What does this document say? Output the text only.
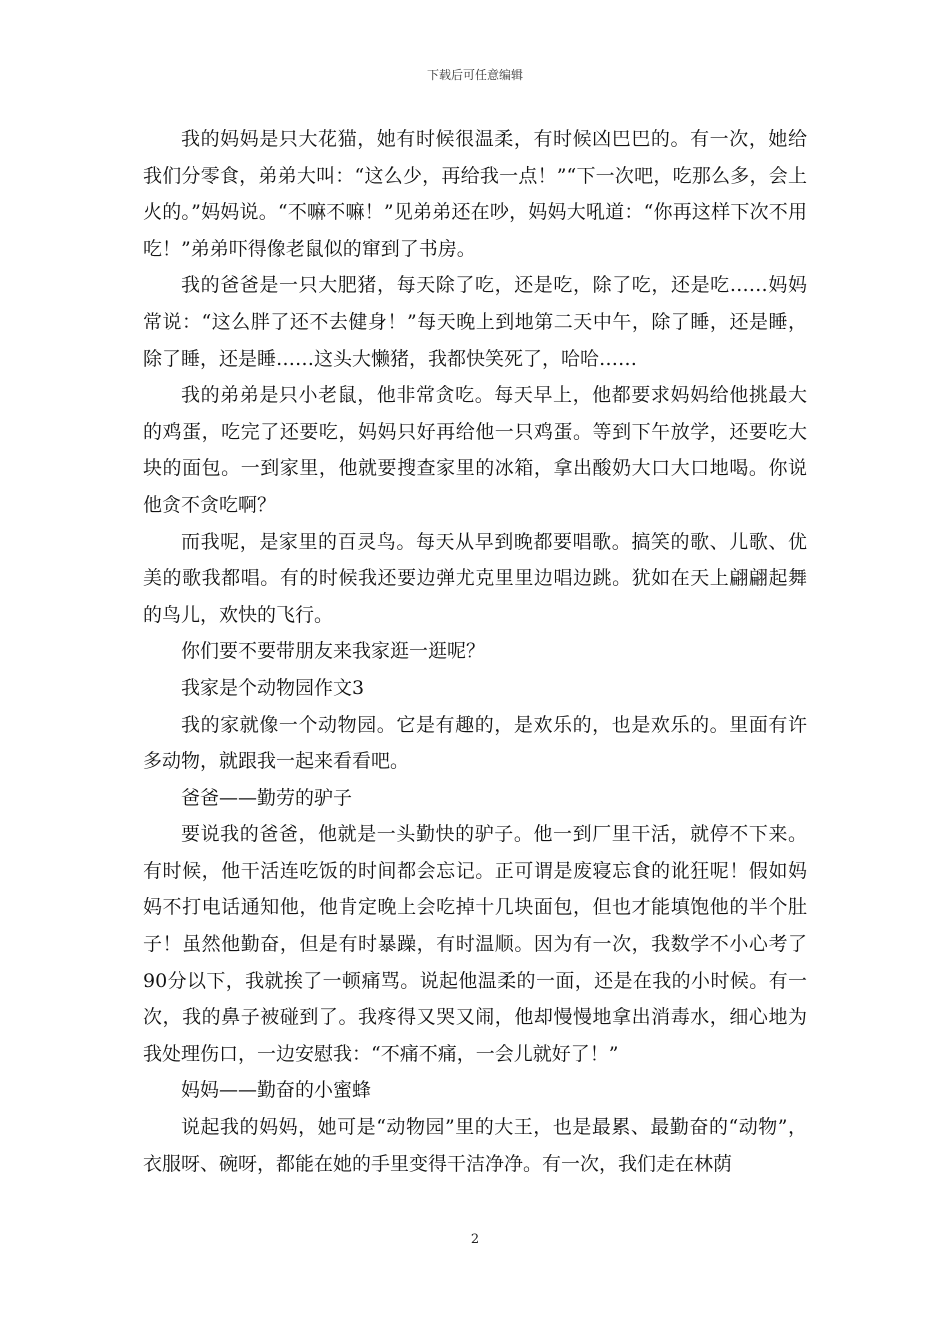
下载后可任意编辑

我的妈妈是只大花猫，她有时候很温柔，有时候凶巴巴的。有一次，她给我们分零食，弟弟大叫：“这么少，再给我一点！”“下一次吧，吃那么多，会上火的。”妈妈说。“不嘛不嘛！”见弟弟还在吵，妈妈大吼道：“你再这样下次不用吃！”弟弟吓得像老鼠似的窜到了书房。

我的爸爸是一只大肥猪，每天除了吃，还是吃，除了吃，还是吃……妈妈常说：“这么胖了还不去健身！”每天晚上到地第二天中午，除了睡，还是睡，除了睡，还是睡……这头大懒猪，我都快笑死了，哈哈……

我的弟弟是只小老鼠，他非常贪吃。每天早上，他都要求妈妈给他挑最大的鸡蛋，吃完了还要吃，妈妈只好再给他一只鸡蛋。等到下午放学，还要吃大块的面包。一到家里，他就要搜查家里的冰箱，拿出酸奶大口大口地喝。你说他贪不贪吃啊？

而我呢，是家里的百灵鸟。每天从早到晚都要唱歌。搞笑的歌、儿歌、优美的歌我都唱。有的时候我还要边弹尤克里里边唱边跳。犹如在天上翩翩起舞的鸟儿，欢快的飞行。

你们要不要带朋友来我家逛一逛呢？

我家是个动物园作文3

我的家就像一个动物园。它是有趣的，是欢乐的，也是欢乐的。里面有许多动物，就跟我一起来看看吧。

爸爸——勤劳的驴子

要说我的爸爸，他就是一头勤快的驴子。他一到厂里干活，就停不下来。有时候，他干活连吃饭的时间都会忘记。正可谓是废寝忘食的讹狂呢！假如妈妈不打电话通知他，他肯定晚上会吃掉十几块面包，但也才能填饱他的半个肚子！虽然他勤奋，但是有时暴躁，有时温顺。因为有一次，我数学不小心考了90分以下，我就挨了一顿痛骂。说起他温柔的一面，还是在我的小时候。有一次，我的鼻子被碰到了。我疼得又哭又闹，他却慢慢地拿出消毒水，细心地为我处理伤口，一边安慰我：“不痛不痛，一会儿就好了！”

妈妈——勤奋的小蜜蜂

说起我的妈妈，她可是“动物园”里的大王，也是最累、最勤奋的“动物”，衣服呀、碗呀，都能在她的手里变得干洁净净。有一次，我们走在林荫

2
